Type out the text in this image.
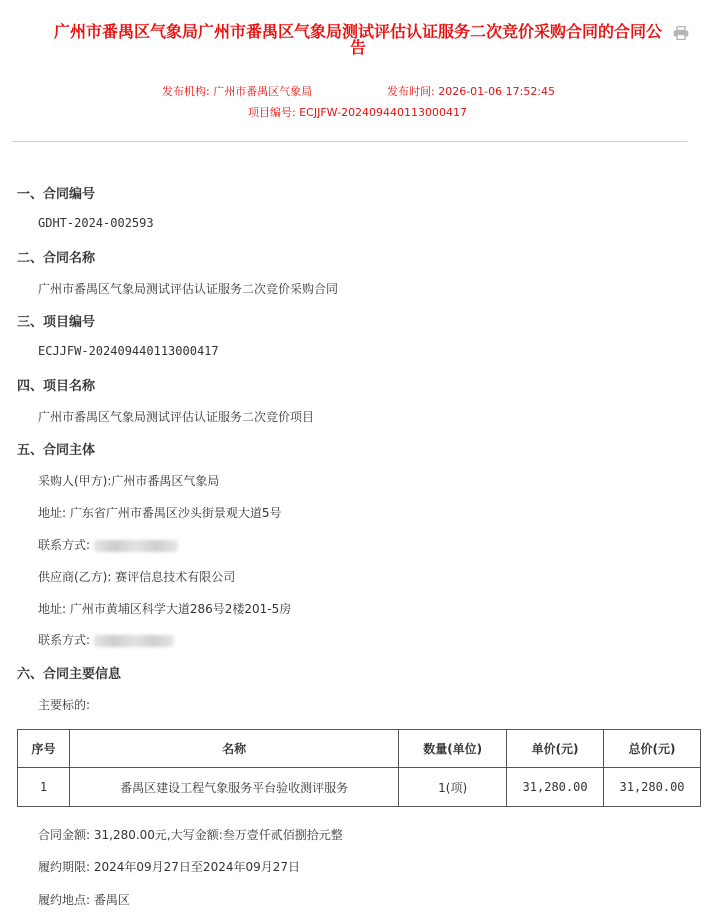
广州市番禺区气象局广州市番禺区气象局测试评估认证服务二次竞价采购合同的合同公告
发布机构: 广州市番禺区气象局	发布时间: 2026-01-06 17:52:45
项目编号: ECJJFW-202409440113000417
一、合同编号
GDHT-2024-002593
二、合同名称
广州市番禺区气象局测试评估认证服务二次竞价采购合同
三、项目编号
ECJJFW-202409440113000417
四、项目名称
广州市番禺区气象局测试评估认证服务二次竞价项目
五、合同主体
采购人(甲方):广州市番禺区气象局
地址: 广东省广州市番禺区沙头街景观大道5号
联系方式:
供应商(乙方): 赛评信息技术有限公司
地址: 广州市黄埔区科学大道286号2楼201-5房
联系方式:
六、合同主要信息
主要标的:
序号	名称	数量(单位)	单价(元)	总价(元)
1	番禺区建设工程气象服务平台验收测评服务	1(项)	31,280.00	31,280.00
合同金额: 31,280.00元,大写金额:叁万壹仟贰佰捌拾元整
履约期限: 2024年09月27日至2024年09月27日
履约地点: 番禺区
